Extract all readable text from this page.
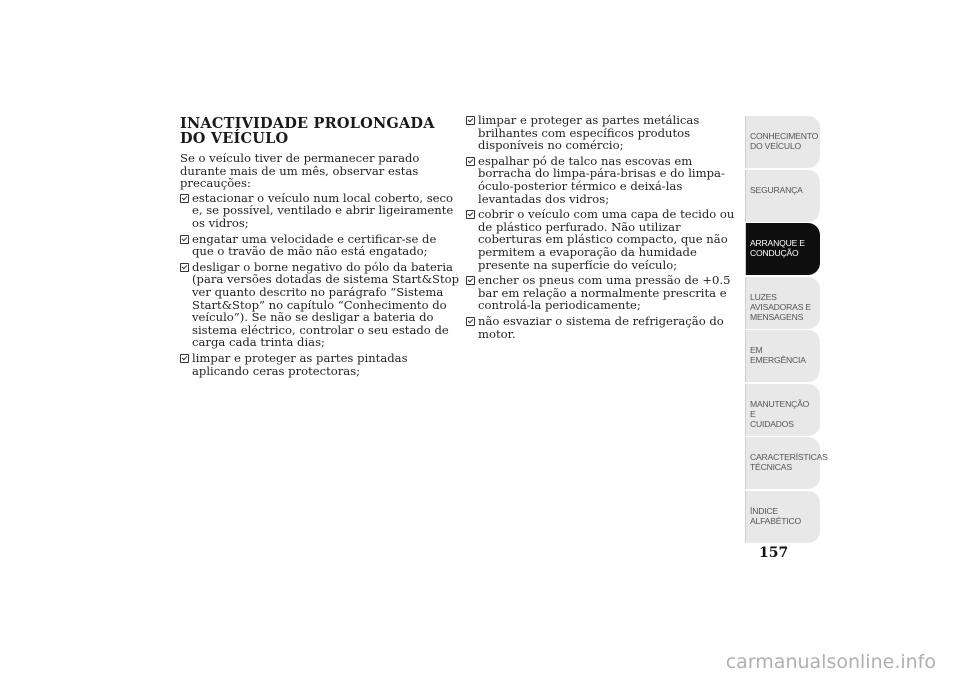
INACTIVIDADE PROLONGADA DO VEÍCULO
Se o veículo tiver de permanecer parado durante mais de um mês, observar estas precauções:
estacionar o veículo num local coberto, seco e, se possível, ventilado e abrir ligeiramente os vidros;
engatar uma velocidade e certificar-se de que o travão de mão não está engatado;
desligar o borne negativo do pólo da bateria (para versões dotadas de sistema Start&Stop ver quanto descrito no parágrafo “Sistema Start&Stop” no capítulo “Conhecimento do veículo”). Se não se desligar a bateria do sistema eléctrico, controlar o seu estado de carga cada trinta dias;
limpar e proteger as partes pintadas aplicando ceras protectoras;
limpar e proteger as partes metálicas brilhantes com específicos produtos disponíveis no comércio;
espalhar pó de talco nas escovas em borracha do limpa-pára-brisas e do limpa-óculo-posterior térmico e deixá-las levantadas dos vidros;
cobrir o veículo com uma capa de tecido ou de plástico perfurado. Não utilizar coberturas em plástico compacto, que não permitem a evaporação da humidade presente na superfície do veículo;
encher os pneus com uma pressão de +0.5 bar em relação a normalmente prescrita e controlá-la periodicamente;
não esvaziar o sistema de refrigeração do motor.
CONHECIMENTO
DO VEÍCULO
SEGURANÇA
ARRANQUE E
CONDUÇÃO
LUZES
AVISADORAS E
MENSAGENS
EM EMERGÊNCIA
MANUTENÇÃO E
CUIDADOS
CARACTERÍSTICAS
TÉCNICAS
ÍNDICE
ALFABÉTICO
157
carmanualsonline.info
